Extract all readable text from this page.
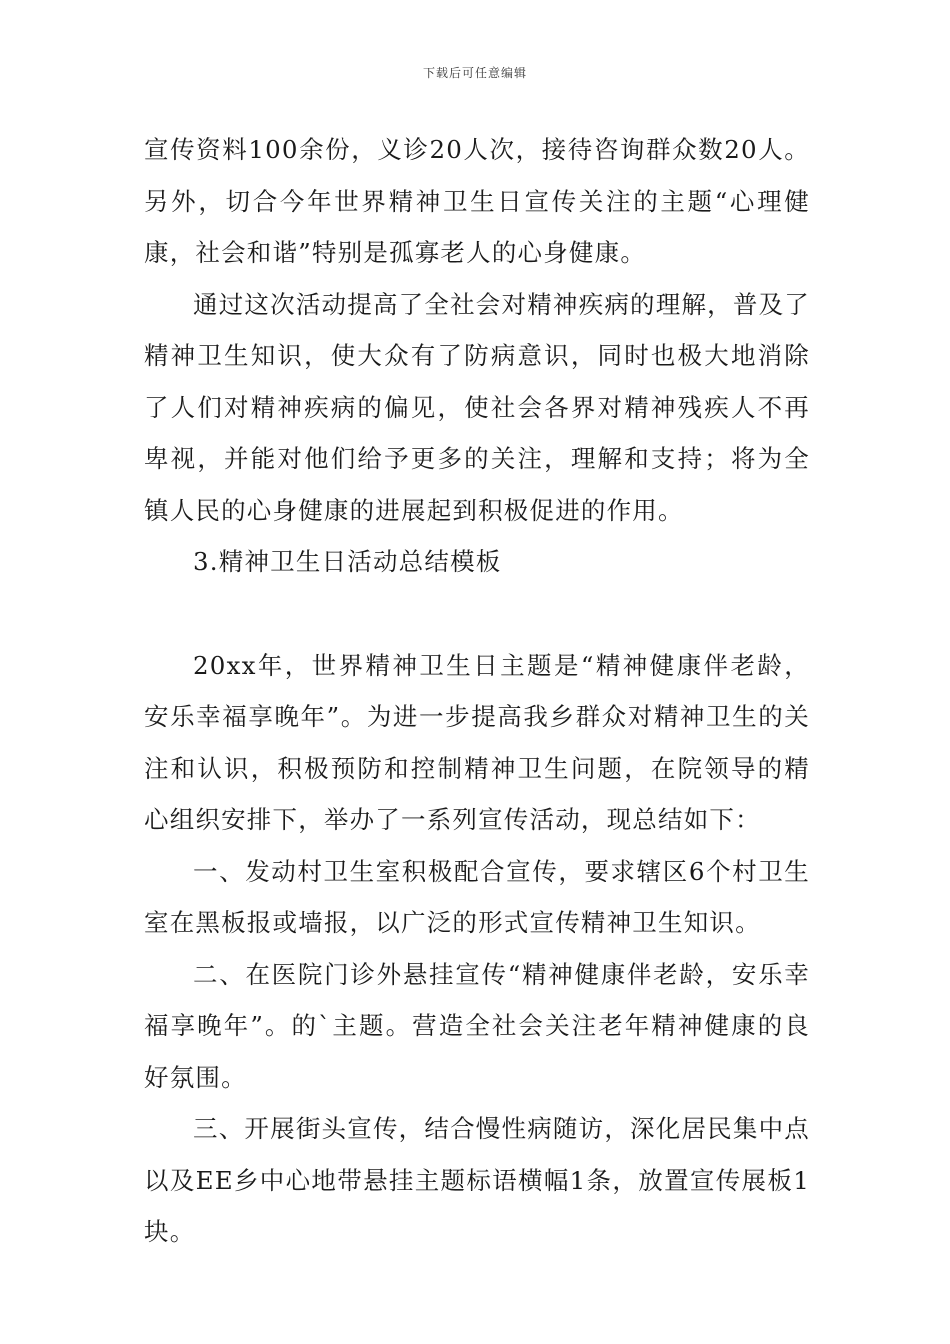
下载后可任意编辑

宣传资料100余份，义诊20人次，接待咨询群众数20人。另外，切合今年世界精神卫生日宣传关注的主题“心理健康，社会和谐”特别是孤寡老人的心身健康。

通过这次活动提高了全社会对精神疾病的理解，普及了精神卫生知识，使大众有了防病意识，同时也极大地消除了人们对精神疾病的偏见，使社会各界对精神残疾人不再卑视，并能对他们给予更多的关注，理解和支持；将为全镇人民的心身健康的进展起到积极促进的作用。

3.精神卫生日活动总结模板

20xx年，世界精神卫生日主题是“精神健康伴老龄，安乐幸福享晚年”。为进一步提高我乡群众对精神卫生的关注和认识，积极预防和控制精神卫生问题，在院领导的精心组织安排下，举办了一系列宣传活动，现总结如下：

一、发动村卫生室积极配合宣传，要求辖区6个村卫生室在黑板报或墙报，以广泛的形式宣传精神卫生知识。

二、在医院门诊外悬挂宣传“精神健康伴老龄，安乐幸福享晚年”。的`主题。营造全社会关注老年精神健康的良好氛围。

三、开展街头宣传，结合慢性病随访，深化居民集中点以及EE乡中心地带悬挂主题标语横幅1条，放置宣传展板1块。
